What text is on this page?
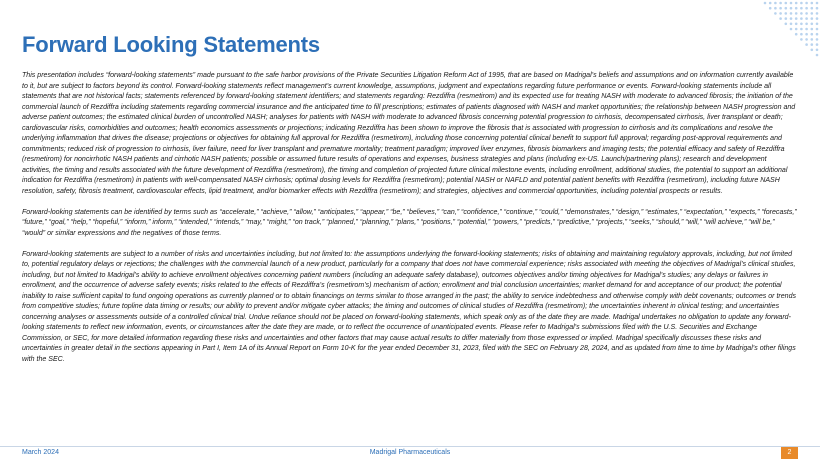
Forward Looking Statements

This presentation includes “forward-looking statements” made pursuant to the safe harbor provisions of the Private Securities Litigation Reform Act of 1995, that are based on Madrigal’s beliefs and assumptions and on information currently available to it, but are subject to factors beyond its control. Forward-looking statements reflect management’s current knowledge, assumptions, judgment and expectations regarding future performance or events. Forward-looking statements include all statements that are not historical facts; statements referenced by forward-looking statement identifiers; and statements regarding: Rezdiffra (resmetirom) and its expected use for treating NASH with moderate to advanced fibrosis; the initiation of the commercial launch of Rezdiffra including statements regarding commercial insurance and the anticipated time to fill prescriptions; estimates of patients diagnosed with NASH and market opportunities; the relationship between NASH progression and adverse patient outcomes; the estimated clinical burden of uncontrolled NASH; analyses for patients with NASH with moderate to advanced fibrosis concerning potential progression to cirrhosis, decompensated cirrhosis, liver transplant or death; cardiovascular risks, comorbidities and outcomes; health economics assessments or projections; indicating Rezdiffra has been shown to improve the fibrosis that is associated with progression to cirrhosis and its complications and resolve the underlying inflammation that drives the disease; projections or objectives for obtaining full approval for Rezdiffra (resmetirom), including those concerning potential clinical benefit to support full approval; regarding post-approval requirements and commitments; reduced risk of progression to cirrhosis, liver failure, need for liver transplant and premature mortality; treatment paradigm; improved liver enzymes, fibrosis biomarkers and imaging tests; the potential efficacy and safety of Rezdiffra (resmetirom) for noncirrhotic NASH patients and cirrhotic NASH patients; possible or assumed future results of operations and expenses, business strategies and plans (including ex-US. Launch/partnering plans); research and development activities, the timing and results associated with the future development of Rezdiffra (resmetirom), the timing and completion of projected future clinical milestone events, including enrollment, additional studies, the potential to support an additional indication for Rezdiffra (resmetirom) in patients with well-compensated NASH cirrhosis; optimal dosing levels for Rezdiffra (resmetirom); potential NASH or NAFLD and potential patient benefits with Rezdiffra (resmetirom), including future NASH resolution, safety, fibrosis treatment, cardiovascular effects, lipid treatment, and/or biomarker effects with Rezdiffra (resmetirom); and strategies, objectives and commercial opportunities, including potential prospects or results.

Forward-looking statements can be identified by terms such as “accelerate,” “achieve,” “allow,” “anticipates,” “appear,” “be,” “believes,” “can,” “confidence,” “continue,” “could,” “demonstrates,” “design,” “estimates,” “expectation,” “expects,” “forecasts,” “future,” “goal,” “help,” “hopeful,” “inform,” inform,” “intended,” “intends,” “may,” “might,” “on track,” “planned,” “planning,” “plans,” “positions,” “potential,” “powers,” “predicts,” “predictive,” “projects,” “seeks,” “should,” “will,” “will achieve,” “will be,” “would” or similar expressions and the negatives of those terms.

Forward-looking statements are subject to a number of risks and uncertainties including, but not limited to: the assumptions underlying the forward-looking statements; risks of obtaining and maintaining regulatory approvals, including, but not limited to, potential regulatory delays or rejections; the challenges with the commercial launch of a new product, particularly for a company that does not have commercial experience; risks associated with meeting the objectives of Madrigal’s clinical studies, including, but not limited to Madrigal’s ability to achieve enrollment objectives concerning patient numbers (including an adequate safety database), outcomes objectives and/or timing objectives for Madrigal’s studies; any delays or failures in enrollment, and the occurrence of adverse safety events; risks related to the effects of Rezdiffra’s (resmetirom’s) mechanism of action; enrollment and trial conclusion uncertainties; market demand for and acceptance of our product; the potential inability to raise sufficient capital to fund ongoing operations as currently planned or to obtain financings on terms similar to those arranged in the past; the ability to service indebtedness and otherwise comply with debt covenants; outcomes or trends from competitive studies; future topline data timing or results; our ability to prevent and/or mitigate cyber attacks; the timing and outcomes of clinical studies of Rezdiffra (resmetirom); the uncertainties inherent in clinical testing; and uncertainties concerning analyses or assessments outside of a controlled clinical trial. Undue reliance should not be placed on forward-looking statements, which speak only as of the date they are made. Madrigal undertakes no obligation to update any forward-looking statements to reflect new information, events, or circumstances after the date they are made, or to reflect the occurrence of unanticipated events. Please refer to Madrigal’s submissions filed with the U.S. Securities and Exchange Commission, or SEC, for more detailed information regarding these risks and uncertainties and other factors that may cause actual results to differ materially from those expressed or implied. Madrigal specifically discusses these risks and uncertainties in greater detail in the sections appearing in Part I, Item 1A of its Annual Report on Form 10-K for the year ended December 31, 2023, filed with the SEC on February 28, 2024, and as updated from time to time by Madrigal’s other filings with the SEC.

March 2024	Madrigal Pharmaceuticals	2
